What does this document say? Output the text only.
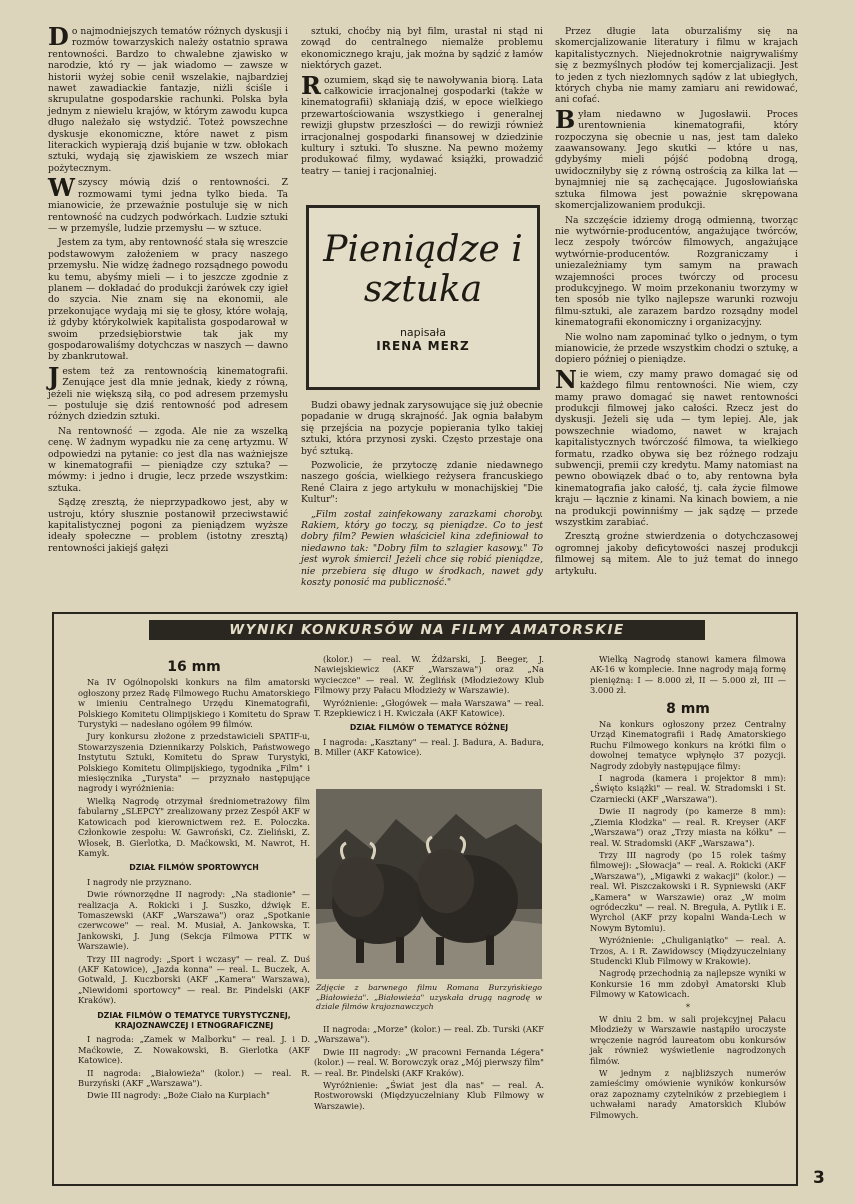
Do najmodniejszych tematów różnych dyskusji i rozmów towarzyskich należy ostatnio sprawa rentowności. Bardzo to chwalebne zjawisko w narodzie, któ ry — jak wiadomo — zawsze w historii wyżej sobie cenił wszelakie, najbardziej nawet zawadiackie fantazje, niżli ściśle i skrupulatne gospodarskie rachunki. Polska była jednym z niewielu krajów, w którym zawodu kupca długo należało się wstydzić. Toteż powszechne dyskusje ekonomiczne, które nawet z pism literackich wypierają dziś bujanie w tzw. obłokach sztuki, wydają się zjawiskiem ze wszech miar pożytecznym.

Wszyscy mówią dziś o rentowności. Z rozmowami tymi jedna tylko bieda. Ta mianowicie, że przeważnie postuluje się w nich rentowność na cudzych podwórkach. Ludzie sztuki — w przemyśle, ludzie przemysłu — w sztuce.

Jestem za tym, aby rentowność stała się wreszcie podstawowym założeniem w pracy naszego przemysłu. Nie widzę żadnego rozsądnego powodu ku temu, abyśmy mieli — i to jeszcze zgodnie z planem — dokładać do produkcji żarówek czy igieł do szycia. Nie znam się na ekonomii, ale przekonujące wydają mi się te głosy, które wołają, iż gdyby którykolwiek kapitalista gospodarował w swoim przedsiębiorstwie tak jak my gospodarowaliśmy dotychczas w naszych — dawno by zbankrutował.

Jestem też za rentownością kinematografii. Zenujące jest dla mnie jednak, kiedy z równą, jeżeli nie większą siłą, co pod adresem przemysłu — postuluje się dziś rentowność pod adresem różnych dziedzin sztuki.

Na rentowność — zgoda. Ale nie za wszelką cenę. W żadnym wypadku nie za cenę artyzmu. W odpowiedzi na pytanie: co jest dla nas ważniejsze w kinematografii — pieniądze czy sztuka? — mówmy: i jedno i drugie, lecz przede wszystkim: sztuka.

Sądzę zresztą, że nieprzypadkowo jest, aby w ustroju, który słusznie postanowił przeciwstawić kapitalistycznej pogoni za pieniądzem wyższe ideały społeczne — problem (istotny zresztą) rentowności jakiejś gałęzi

sztuki, choćby nią był film, urastał ni stąd ni zowąd do centralnego niemalże problemu ekonomicznego kraju, jak można by sądzić z łamów niektórych gazet.

Rozumiem, skąd się te nawoływania biorą. Lata całkowicie irracjonalnej gospodarki (także w kinematografii) skłaniają dziś, w epoce wielkiego przewartościowania wszystkiego i generalnej rewizji głupstw przeszłości — do rewizji również irracjonalnej gospodarki finansowej w dziedzinie kultury i sztuki. To słuszne. Na pewno możemy produkować filmy, wydawać książki, prowadzić teatry — taniej i racjonalniej.

Pieniądze i sztuka
napisała
IRENA MERZ

Budzi obawy jednak zarysowujące się już obecnie popadanie w drugą skrajność. Jak ognia bałabym się przejścia na pozycje popierania tylko takiej sztuki, która przynosi zyski. Często przestaje ona być sztuką.

Pozwolicie, że przytoczę zdanie niedawnego naszego gościa, wielkiego reżysera francuskiego René Claira z jego artykułu w monachijskiej "Die Kultur":

„Film został zainfekowany zarazkami choroby. Rakiem, który go toczy, są pieniądze. Co to jest dobry film? Pewien właściciel kina zdefiniował to niedawno tak: "Dobry film to szlagier kasowy." To jest wyrok śmierci! Jeżeli chce się robić pieniądze, nie przebiera się długo w środkach, nawet gdy koszty ponosić ma publiczność."

Przez długie lata oburzaliśmy się na skomercjalizowanie literatury i filmu w krajach kapitalistycznych. Niejednokrotnie naigrywaliśmy się z bezmyślnych płodów tej komercjalizacji. Jest to jeden z tych niezłomnych sądów z lat ubiegłych, których chyba nie mamy zamiaru ani rewidować, ani cofać.

Byłam niedawno w Jugosławii. Proces urentownienia kinematografii, który rozpoczyna się obecnie u nas, jest tam daleko zaawansowany. Jego skutki — które u nas, gdybyśmy mieli pójść podobną drogą, uwidoczniłyby się z równą ostrością za kilka lat — bynajmniej nie są zachęcające. Jugosłowiańska sztuka filmowa jest poważnie skrępowana skomercjalizowaniem produkcji.

Na szczęście idziemy drogą odmienną, tworząc nie wytwórnie-producentów, angażujące twórców, lecz zespoły twórców filmowych, angażujące wytwórnie-producentów. Rozgraniczamy i uniezależniamy tym samym na prawach wzajemności proces twórczy od procesu produkcyjnego. W moim przekonaniu tworzymy w ten sposób nie tylko najlepsze warunki rozwoju filmu-sztuki, ale zarazem bardzo rozsądny model kinematografii ekonomiczny i organizacyjny.

Nie wolno nam zapominać tylko o jednym, o tym mianowicie, że przede wszystkim chodzi o sztukę, a dopiero później o pieniądze.

Nie wiem, czy mamy prawo domagać się od każdego filmu rentowności. Nie wiem, czy mamy prawo domagać się nawet rentowności produkcji filmowej jako całości. Rzecz jest do dyskusji. Jeżeli się uda — tym lepiej. Ale, jak powszechnie wiadomo, nawet w krajach kapitalistycznych twórczość filmowa, ta wielkiego formatu, rzadko obywa się bez różnego rodzaju subwencji, premii czy kredytu. Mamy natomiast na pewno obowiązek dbać o to, aby rentowna była kinematografia jako całość, tj. cała życie filmowe kraju — łącznie z kinami. Na kinach bowiem, a nie na produkcji powinniśmy — jak sądzę — przede wszystkim zarabiać.

Zresztą groźne stwierdzenia o dotychczasowej ogromnej jakoby deficytowości naszej produkcji filmowej są mitem. Ale to już temat do innego artykułu.

WYNIKI KONKURSÓW NA FILMY AMATORSKIE

16 mm

Na IV Ogólnopolski konkurs na film amatorski ogłoszony przez Radę Filmowego Ruchu Amatorskiego w imieniu Centralnego Urzędu Kinematografii, Polskiego Komitetu Olimpijskiego i Komitetu do Spraw Turystyki — nadesłano ogółem 99 filmów.

Jury konkursu złożone z przedstawicieli SPATIF-u, Stowarzyszenia Dziennikarzy Polskich, Państwowego Instytutu Sztuki, Komitetu do Spraw Turystyki, Polskiego Komitetu Olimpijskiego, tygodnika „Film" i miesięcznika „Turysta" — przyznało następujące nagrody i wyróżnienia:

Wielką Nagrodę otrzymał średniometrażowy film fabularny „SLEPCY" zrealizowany przez Zespół AKF w Katowicach pod kierownictwem reż. E. Poloczka. Członkowie zespołu: W. Gawroński, Cz. Zieliński, Z. Włosek, B. Gierlotka, D. Maćkowski, M. Nawrot, H. Kamyk.

DZIAŁ FILMÓW SPORTOWYCH

I nagrody nie przyznano.

Dwie równorzędne II nagrody: „Na stadionie" — realizacja A. Rokicki i J. Suszko, dźwięk E. Tomaszewski (AKF „Warszawa") oraz „Spotkanie czerwcowe" — real. M. Musiał, A. Jankowska, T. Jankowski, J. Jung (Sekcja Filmowa PTTK w Warszawie).

Trzy III nagrody: „Sport i wczasy" — real. Z. Duś (AKF Katowice), „Jazda konna" — real. L. Buczek, A. Gotwald, J. Kuczborski (AKF „Kamera" Warszawa), „Niewidomi sportowcy" — real. Br. Pindelski (AKF Kraków).

DZIAŁ FILMÓW O TEMATYCE TURYSTYCZNEJ, KRAJOZNAWCZEJ I ETNOGRAFICZNEJ

I nagroda: „Zamek w Malborku" — real. J. i D. Maćkowie, Z. Nowakowski, B. Gierlotka (AKF Katowice).

II nagroda: „Białowieża" (kolor.) — real. R. Burzyński (AKF „Warszawa").

Dwie III nagrody: „Boże Ciało na Kurpiach"

(kolor.) — real. W. Żdżarski, J. Beeger, J. Nawiejskiewicz (AKF „Warszawa") oraz „Na wycieczce" — real. W. Żeglińsk (Młodzieżowy Klub Filmowy przy Pałacu Młodzieży w Warszawie).

Wyróżnienie: „Głogówek — mała Warszawa" — real. T. Rzepkiewicz i H. Kwiczała (AKF Katowice).

DZIAŁ FILMÓW O TEMATYCE RÓŻNEJ

I nagroda: „Kasztany" — real. J. Badura, A. Badura, B. Miller (AKF Katowice).

Zdjęcie z barwnego filmu Romana Burzyńskiego „Białowieża". „Białowieża" uzyskała drugą nagrodę w dziale filmów krajoznawczych

II nagroda: „Morze" (kolor.) — real. Zb. Turski (AKF „Warszawa").

Dwie III nagrody: „W pracowni Fernanda Légera" (kolor.) — real. W. Borowczyk oraz „Mój pierwszy film" — real. Br. Pindelski (AKF Kraków).

Wyróżnienie: „Świat jest dla nas" — real. A. Rostworowski (Międzyuczelniany Klub Filmowy w Warszawie).

Wielką Nagrodę stanowi kamera filmowa AK-16 w komplecie. Inne nagrody mają formę pieniężną: I — 8.000 zł, II — 5.000 zł, III — 3.000 zł.

8 mm

Na konkurs ogłoszony przez Centralny Urząd Kinematografii i Radę Amatorskiego Ruchu Filmowego konkurs na krótki film o dowolnej tematyce wpłynęło 37 pozycji. Nagrody zdobyły następujące filmy:

I nagroda (kamera i projektor 8 mm): „Święto książki" — real. W. Stradomski i St. Czarniecki (AKF „Warszawa").

Dwie II nagrody (po kamerze 8 mm): „Ziemia Kłodzka" — real. R. Kreyser (AKF „Warszawa") oraz „Trzy miasta na kółku" — real. W. Stradomski (AKF „Warszawa").

Trzy III nagrody (po 15 rolek taśmy filmowej): „Słowacja" — real. A. Rokicki (AKF „Warszawa"), „Migawki z wakacji" (kolor.) — real. Wł. Piszczakowski i R. Sypniewski (AKF „Kamera" w Warszawie) oraz „W moim ogródeczku" — real. N. Breguła, A. Pytlik i E. Wyrchol (AKF przy kopalni Wanda-Lech w Nowym Bytomiu).

Wyróżnienie: „Chuliganiątko" — real. A. Trzos, A. i R. Zawidowscy (Międzyuczelniany Studencki Klub Filmowy w Krakowie).

Nagrodę przechodnią za najlepsze wyniki w Konkursie 16 mm zdobył Amatorski Klub Filmowy w Katowicach.

*

W dniu 2 bm. w sali projekcyjnej Pałacu Młodzieży w Warszawie nastąpiło uroczyste wręczenie nagród laureatom obu konkursów jak również wyświetlenie nagrodzonych filmów.

W jednym z najbliższych numerów zamieścimy omówienie wyników konkursów oraz zapoznamy czytelników z przebiegiem i uchwałami narady Amatorskich Klubów Filmowych.

3
